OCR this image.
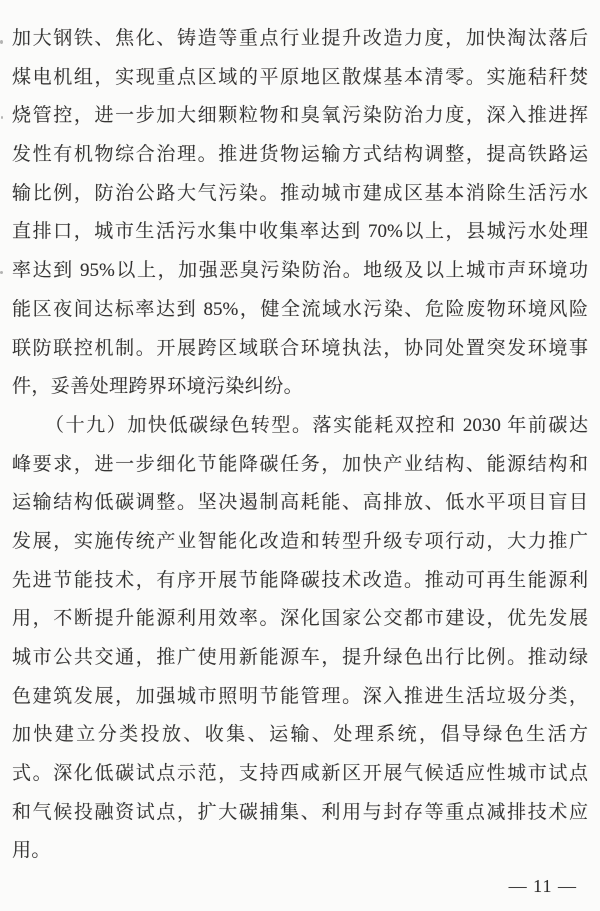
加大钢铁、焦化、铸造等重点行业提升改造力度，加快淘汰落后
煤电机组，实现重点区域的平原地区散煤基本清零。实施秸秆焚
烧管控，进一步加大细颗粒物和臭氧污染防治力度，深入推进挥
发性有机物综合治理。推进货物运输方式结构调整，提高铁路运
输比例，防治公路大气污染。推动城市建成区基本消除生活污水
直排口，城市生活污水集中收集率达到 70%以上，县城污水处理
率达到 95%以上，加强恶臭污染防治。地级及以上城市声环境功
能区夜间达标率达到 85%，健全流域水污染、危险废物环境风险
联防联控机制。开展跨区域联合环境执法，协同处置突发环境事
件，妥善处理跨界环境污染纠纷。
（十九）加快低碳绿色转型。落实能耗双控和 2030 年前碳达
峰要求，进一步细化节能降碳任务，加快产业结构、能源结构和
运输结构低碳调整。坚决遏制高耗能、高排放、低水平项目盲目
发展，实施传统产业智能化改造和转型升级专项行动，大力推广
先进节能技术，有序开展节能降碳技术改造。推动可再生能源利
用，不断提升能源利用效率。深化国家公交都市建设，优先发展
城市公共交通，推广使用新能源车，提升绿色出行比例。推动绿
色建筑发展，加强城市照明节能管理。深入推进生活垃圾分类，
加快建立分类投放、收集、运输、处理系统，倡导绿色生活方
式。深化低碳试点示范，支持西咸新区开展气候适应性城市试点
和气候投融资试点，扩大碳捕集、利用与封存等重点减排技术应
用。
— 11 —
